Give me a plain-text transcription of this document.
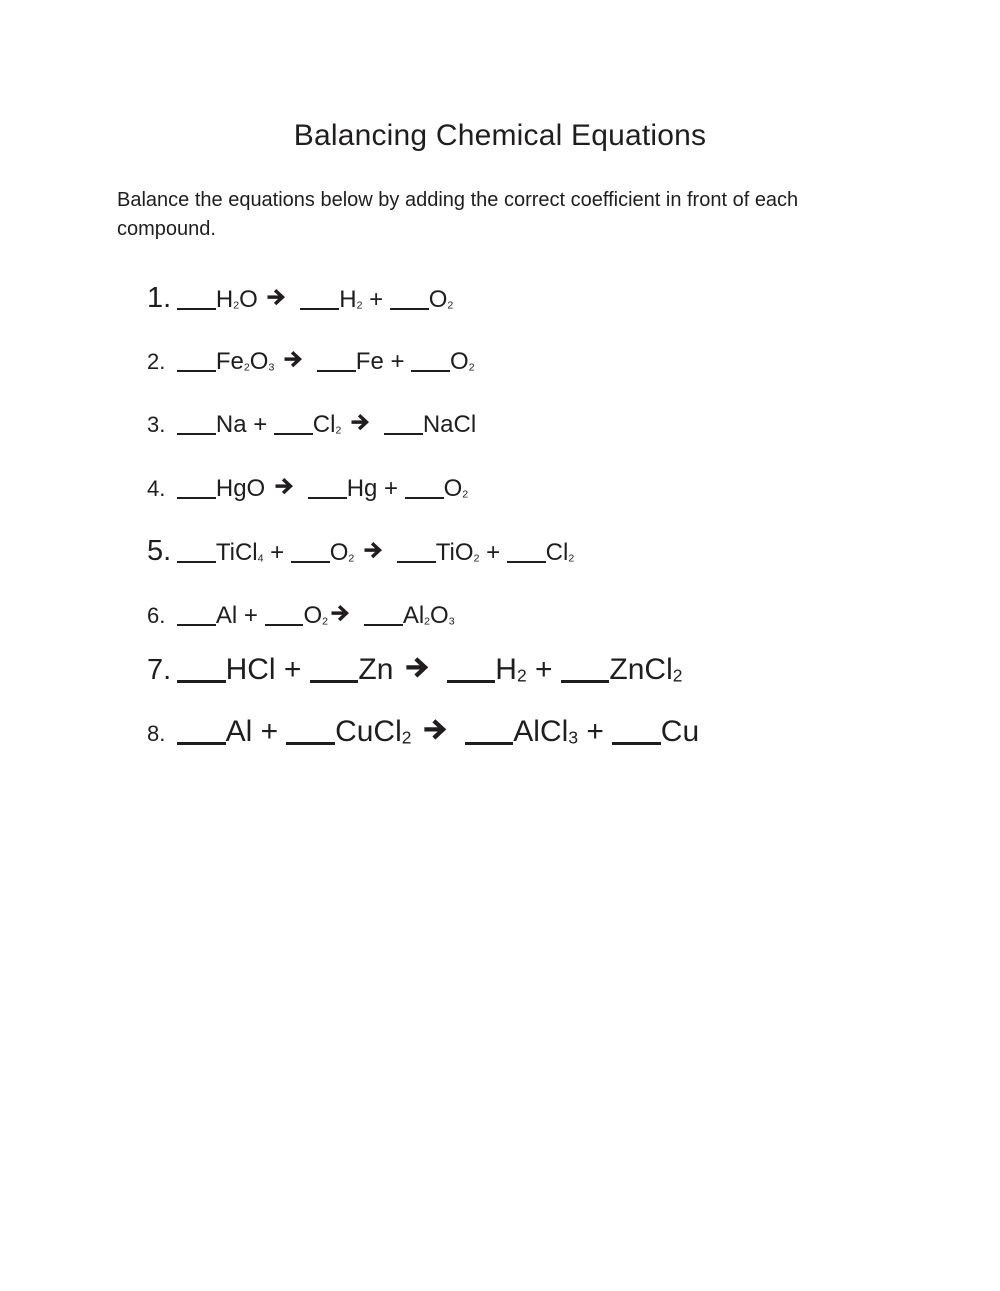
Balancing Chemical Equations
Balance the equations below by adding the correct coefficient in front of each compound.
1. H2O	H2 + O2
2. Fe2O3	Fe + O2
3. Na + Cl2	NaCl
4. HgO	Hg + O2
5. TiCl4 + O2	TiO2 + Cl2
6. Al + O2	Al2O3
7. HCl + Zn	H2 + ZnCl2
8. Al + CuCl2	AlCl3 + Cu
